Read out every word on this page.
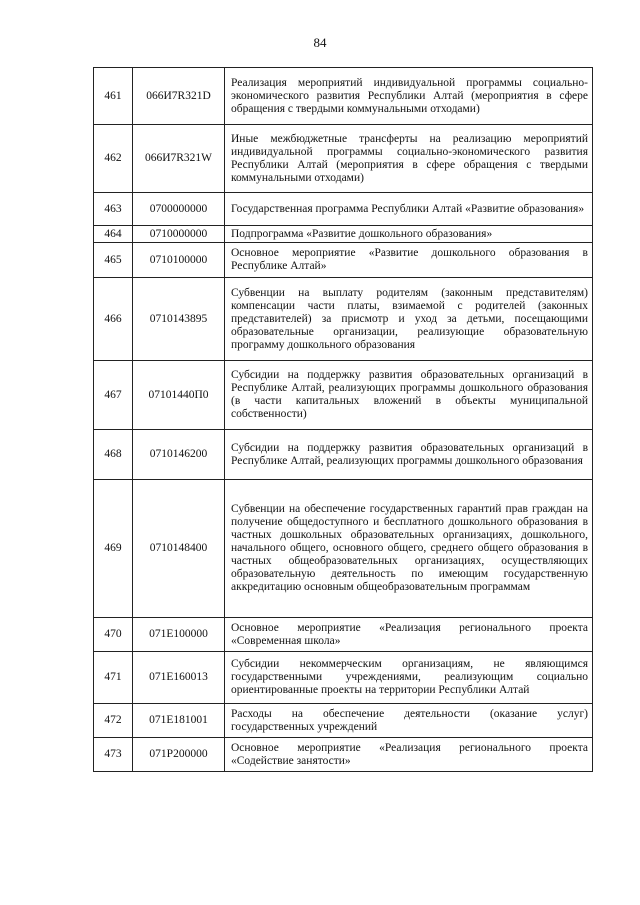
84
461	066И7R321D	Реализация мероприятий индивидуальной программы социально-экономического развития Республики Алтай (мероприятия в сфере обращения с твердыми коммунальными отходами)
462	066И7R321W	Иные межбюджетные трансферты на реализацию мероприятий индивидуальной программы социально-экономического развития Республики Алтай (мероприятия в сфере обращения с твердыми коммунальными отходами)
463	0700000000	Государственная программа Республики Алтай «Развитие образования»
464	0710000000	Подпрограмма «Развитие дошкольного образования»
465	0710100000	Основное мероприятие «Развитие дошкольного образования в Республике Алтай»
466	0710143895	Субвенции на выплату родителям (законным представителям) компенсации части платы, взимаемой с родителей (законных представителей) за присмотр и уход за детьми, посещающими образовательные организации, реализующие образовательную программу дошкольного образования
467	07101440П0	Субсидии на поддержку развития образовательных организаций в Республике Алтай, реализующих программы дошкольного образования (в части капитальных вложений в объекты муниципальной собственности)
468	0710146200	Субсидии на поддержку развития образовательных организаций в Республике Алтай, реализующих программы дошкольного образования
469	0710148400	Субвенции на обеспечение государственных гарантий прав граждан на получение общедоступного и бесплатного дошкольного образования в частных дошкольных образовательных организациях, дошкольного, начального общего, основного общего, среднего общего образования в частных общеобразовательных организациях, осуществляющих образовательную деятельность по имеющим государственную аккредитацию основным общеобразовательным программам
470	071E100000	Основное мероприятие «Реализация регионального проекта «Современная школа»
471	071E160013	Субсидии некоммерческим организациям, не являющимся государственными учреждениями, реализующим социально ориентированные проекты на территории Республики Алтай
472	071E181001	Расходы на обеспечение деятельности (оказание услуг) государственных учреждений
473	071P200000	Основное мероприятие «Реализация регионального проекта «Содействие занятости»
